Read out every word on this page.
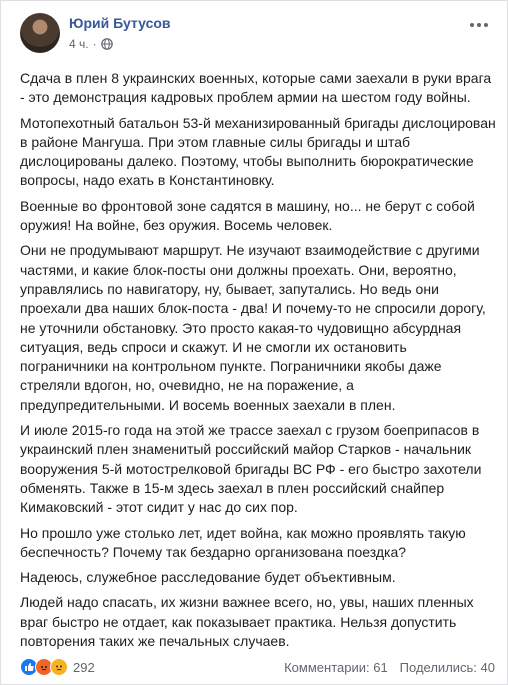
Юрий Бутусов
4 ч. ·

Сдача в плен 8 украинских военных, которые сами заехали в руки врага - это демонстрация кадровых проблем армии на шестом году войны.

Мотопехотный батальон 53-й механизированный бригады дислоцирован в районе Мангуша. При этом главные силы бригады и штаб дислоцированы далеко. Поэтому, чтобы выполнить бюрократические вопросы, надо ехать в Константиновку.

Военные во фронтовой зоне садятся в машину, но... не берут с собой оружия! На войне, без оружия. Восемь человек.

Они не продумывают маршрут. Не изучают взаимодействие с другими частями, и какие блок-посты они должны проехать. Они, вероятно, управлялись по навигатору, ну, бывает, запутались. Но ведь они проехали два наших блок-поста - два! И почему-то не спросили дорогу, не уточнили обстановку. Это просто какая-то чудовищно абсурдная ситуация, ведь спроси и скажут. И не смогли их остановить пограничники на контрольном пункте. Пограничники якобы даже стреляли вдогон, но, очевидно, не на поражение, а предупредительными. И восемь военных заехали в плен.

И июле 2015-го года на этой же трассе заехал с грузом боеприпасов в украинский плен знаменитый российский майор Старков - начальник вооружения 5-й мотострелковой бригады ВС РФ - его быстро захотели обменять. Также в 15-м здесь заехал в плен российский снайпер Кимаковский - этот сидит у нас до сих пор.

Но прошло уже столько лет, идет война, как можно проявлять такую беспечность? Почему так бездарно организована поездка?

Надеюсь, служебное расследование будет объективным.

Людей надо спасать, их жизни важнее всего, но, увы, наших пленных враг быстро не отдает, как показывает практика. Нельзя допустить повторения таких же печальных случаев.

292	Комментарии: 61 Поделились: 40
